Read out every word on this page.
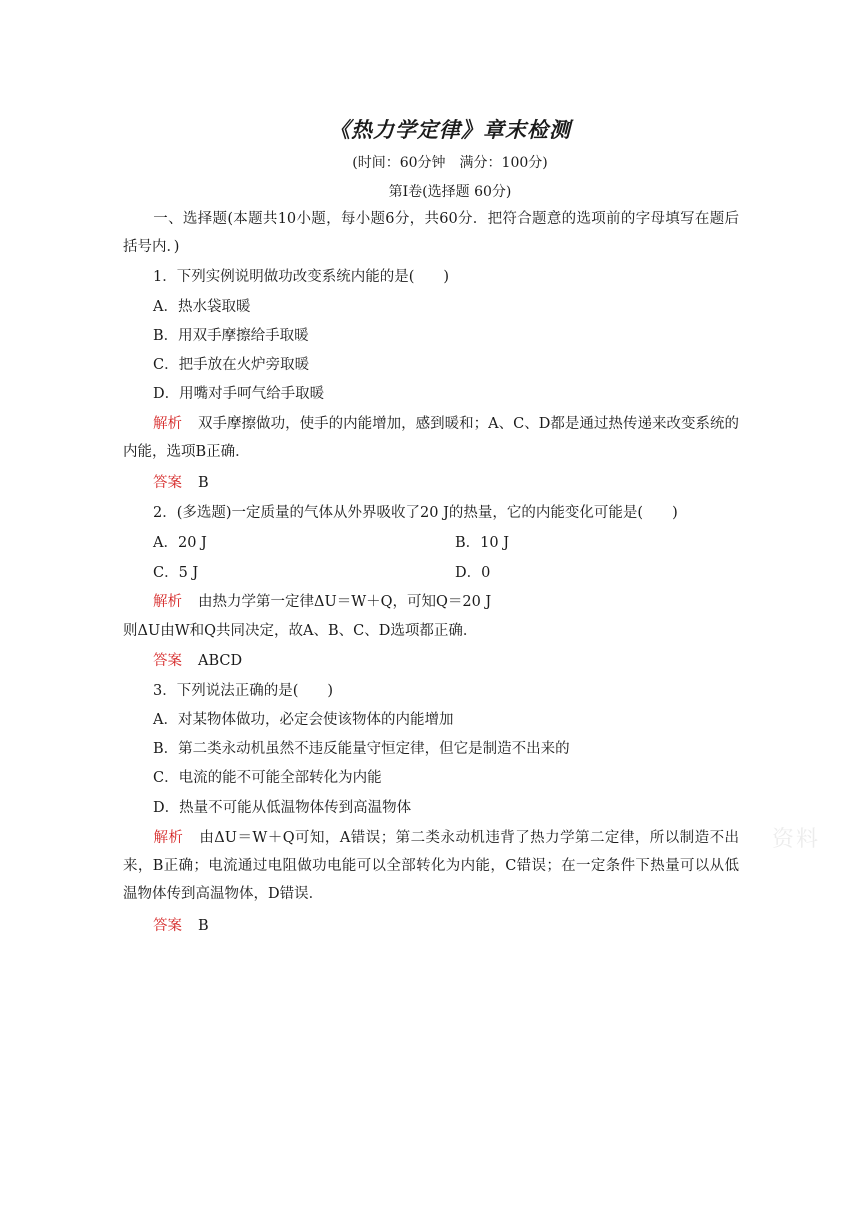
《热力学定律》章末检测
(时间：60分钟　满分：100分)
第Ⅰ卷(选择题 60分)
一、选择题(本题共10小题，每小题6分，共60分．把符合题意的选项前的字母填写在题后括号内．)
1．下列实例说明做功改变系统内能的是(　　)
A．热水袋取暖
B．用双手摩擦给手取暖
C．把手放在火炉旁取暖
D．用嘴对手呵气给手取暖
解析 双手摩擦做功，使手的内能增加，感到暖和；A、C、D都是通过热传递来改变系统的内能，选项B正确．
答案 B
2．(多选题)一定质量的气体从外界吸收了20 J的热量，它的内能变化可能是(　　)
A．20 J	B．10 J
C．5 J	D．0
解析 由热力学第一定律ΔU＝W＋Q，可知Q＝20 J
则ΔU由W和Q共同决定，故A、B、C、D选项都正确．
答案 ABCD
3．下列说法正确的是(　　)
A．对某物体做功，必定会使该物体的内能增加
B．第二类永动机虽然不违反能量守恒定律，但它是制造不出来的
C．电流的能不可能全部转化为内能
D．热量不可能从低温物体传到高温物体
解析 由ΔU＝W＋Q可知，A错误；第二类永动机违背了热力学第二定律，所以制造不出来，B正确；电流通过电阻做功电能可以全部转化为内能，C错误；在一定条件下热量可以从低温物体传到高温物体，D错误．
答案 B
资料
